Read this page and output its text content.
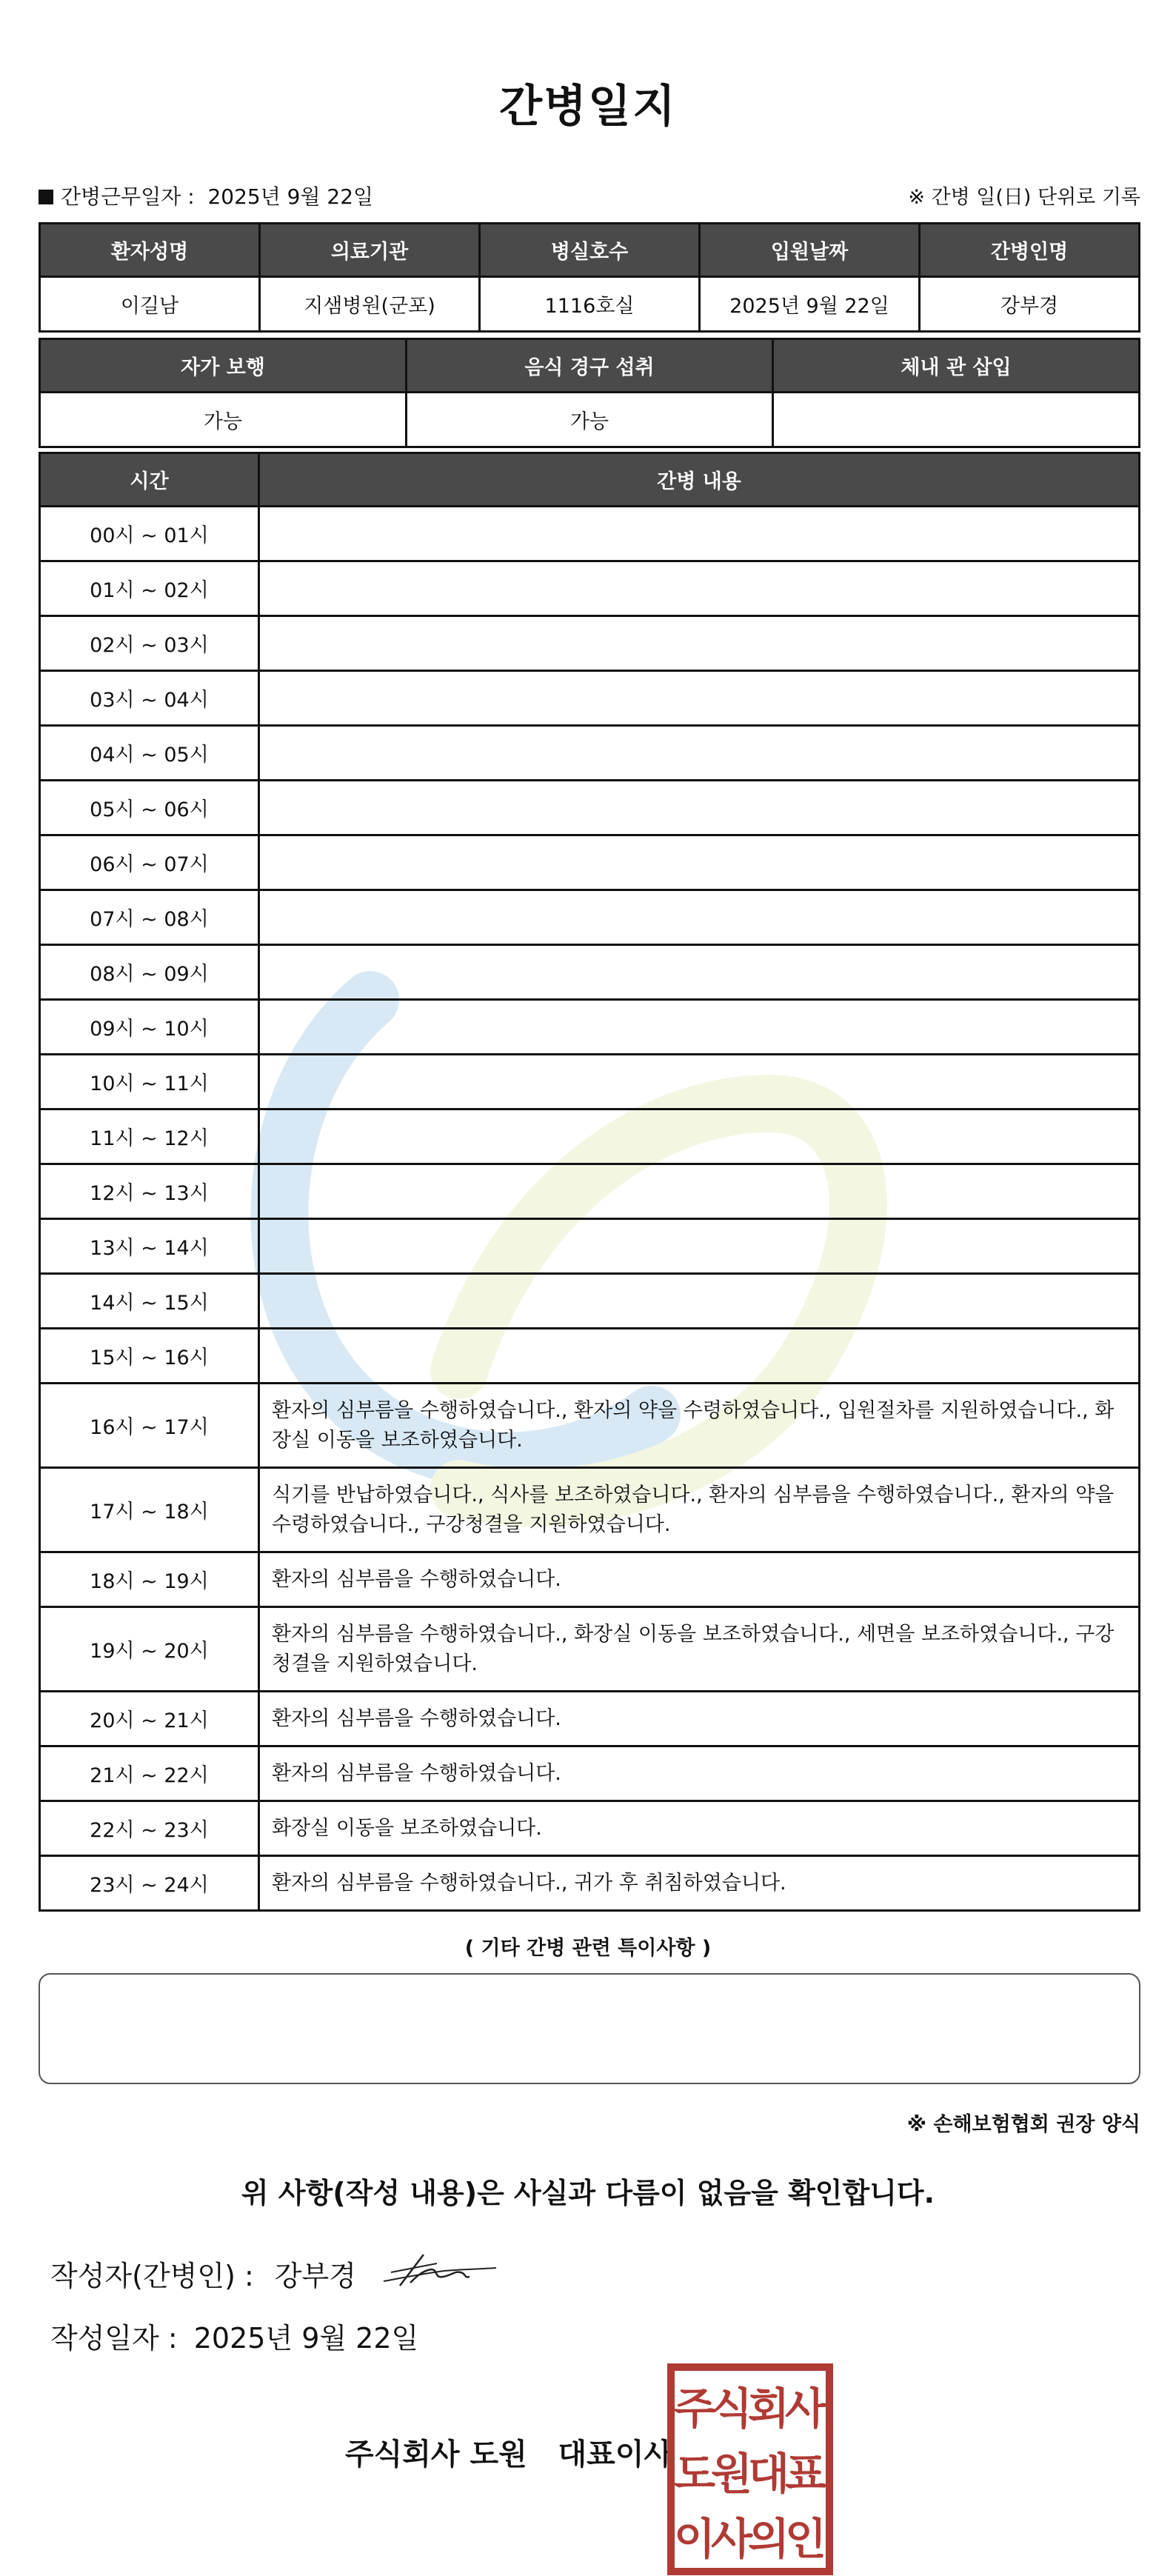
간병일지
간병근무일자 : 2025년 9월 22일	※ 간병 일(日) 단위로 기록
환자성명	의료기관	병실호수	입원날짜	간병인명
이길남	지샘병원(군포)	1116호실	2025년 9월 22일	강부경
자가 보행	음식 경구 섭취	체내 관 삽입
가능	가능	
시간	간병 내용
00시 ~ 01시	
01시 ~ 02시	
02시 ~ 03시	
03시 ~ 04시	
04시 ~ 05시	
05시 ~ 06시	
06시 ~ 07시	
07시 ~ 08시	
08시 ~ 09시	
09시 ~ 10시	
10시 ~ 11시	
11시 ~ 12시	
12시 ~ 13시	
13시 ~ 14시	
14시 ~ 15시	
15시 ~ 16시	
16시 ~ 17시	환자의 심부름을 수행하였습니다., 환자의 약을 수령하였습니다., 입원절차를 지원하였습니다., 화장실 이동을 보조하였습니다.
17시 ~ 18시	식기를 반납하였습니다., 식사를 보조하였습니다., 환자의 심부름을 수행하였습니다., 환자의 약을 수령하였습니다., 구강청결을 지원하였습니다.
18시 ~ 19시	환자의 심부름을 수행하였습니다.
19시 ~ 20시	환자의 심부름을 수행하였습니다., 화장실 이동을 보조하였습니다., 세면을 보조하였습니다., 구강청결을 지원하였습니다.
20시 ~ 21시	환자의 심부름을 수행하였습니다.
21시 ~ 22시	환자의 심부름을 수행하였습니다.
22시 ~ 23시	화장실 이동을 보조하였습니다.
23시 ~ 24시	환자의 심부름을 수행하였습니다., 귀가 후 취침하였습니다.
( 기타 간병 관련 특이사항 )
※ 손해보험협회 권장 양식
위 사항(작성 내용)은 사실과 다름이 없음을 확인합니다.
작성자(간병인) : 강부경
작성일자 : 2025년 9월 22일
주식회사 도원   대표이사
주
식
회
사
도
원
대
표
이
사
의
인
